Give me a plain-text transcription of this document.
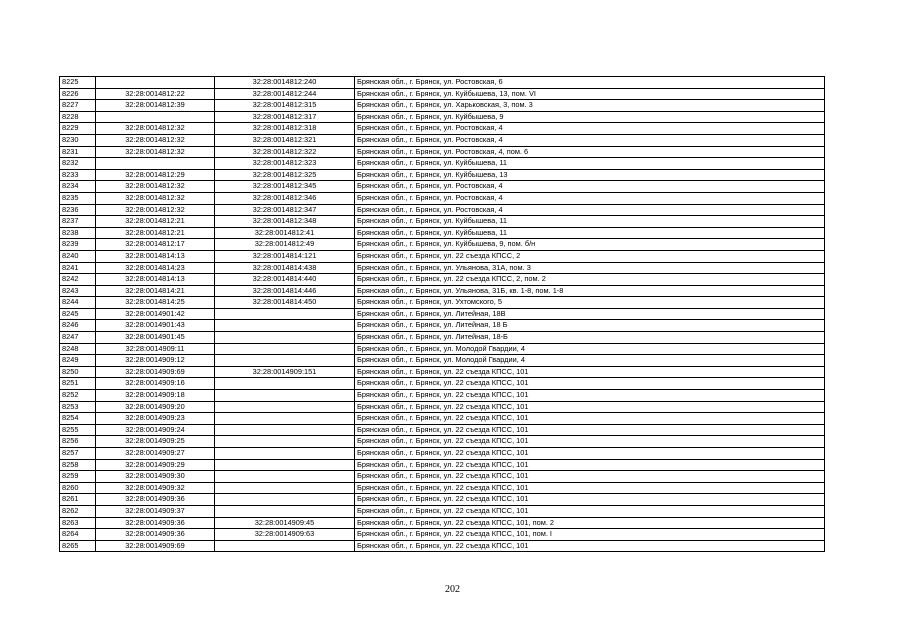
8225		32:28:0014812:240	Брянская обл., г. Брянск, ул. Ростовская, 6
8226	32:28:0014812:22	32:28:0014812:244	Брянская обл., г. Брянск, ул. Куйбышева, 13, пом. VI
8227	32:28:0014812:39	32:28:0014812:315	Брянская обл., г. Брянск, ул. Харьковская, 3, пом. 3
8228		32:28:0014812:317	Брянская обл., г. Брянск, ул. Куйбышева, 9
8229	32:28:0014812:32	32:28:0014812:318	Брянская обл., г. Брянск, ул. Ростовская, 4
8230	32:28:0014812:32	32:28:0014812:321	Брянская обл., г. Брянск, ул. Ростовская, 4
8231	32:28:0014812:32	32:28:0014812:322	Брянская обл., г. Брянск, ул. Ростовская, 4, пом. 6
8232		32:28:0014812:323	Брянская обл., г. Брянск, ул. Куйбышева, 11
8233	32:28:0014812:29	32:28:0014812:325	Брянская обл., г. Брянск, ул. Куйбышева, 13
8234	32:28:0014812:32	32:28:0014812:345	Брянская обл., г. Брянск, ул. Ростовская, 4
8235	32:28:0014812:32	32:28:0014812:346	Брянская обл., г. Брянск, ул. Ростовская, 4
8236	32:28:0014812:32	32:28:0014812:347	Брянская обл., г. Брянск, ул. Ростовская, 4
8237	32:28:0014812:21	32:28:0014812:348	Брянская обл., г. Брянск, ул. Куйбышева, 11
8238	32:28:0014812:21	32:28:0014812:41	Брянская обл., г. Брянск, ул. Куйбышева, 11
8239	32:28:0014812:17	32:28:0014812:49	Брянская обл., г. Брянск, ул. Куйбышева, 9, пом. б/н
8240	32:28:0014814:13	32:28:0014814:121	Брянская обл., г. Брянск, ул. 22 съезда КПСС, 2
8241	32:28:0014814:23	32:28:0014814:438	Брянская обл., г. Брянск, ул. Ульянова, 31А, пом. 3
8242	32:28:0014814:13	32:28:0014814:440	Брянская обл., г. Брянск, ул. 22 съезда КПСС, 2, пом. 2
8243	32:28:0014814:21	32:28:0014814:446	Брянская обл., г. Брянск, ул. Ульянова, 31Б, кв. 1-8, пом. 1-8
8244	32:28:0014814:25	32:28:0014814:450	Брянская обл., г. Брянск, ул. Ухтомского, 5
8245	32:28:0014901:42		Брянская обл., г. Брянск, ул. Литейная, 18В
8246	32:28:0014901:43		Брянская обл., г. Брянск, ул. Литейная, 18 Б
8247	32:28:0014901:45		Брянская обл., г. Брянск, ул. Литейная, 18-Б
8248	32:28:0014909:11		Брянская обл., г. Брянск, ул. Молодой Гвардии, 4
8249	32:28:0014909:12		Брянская обл., г. Брянск, ул. Молодой Гвардии, 4
8250	32:28:0014909:69	32:28:0014909:151	Брянская обл., г. Брянск, ул. 22 съезда КПСС, 101
8251	32:28:0014909:16		Брянская обл., г. Брянск, ул. 22 съезда КПСС, 101
8252	32:28:0014909:18		Брянская обл., г. Брянск, ул. 22 съезда КПСС, 101
8253	32:28:0014909:20		Брянская обл., г. Брянск, ул. 22 съезда КПСС, 101
8254	32:28:0014909:23		Брянская обл., г. Брянск, ул. 22 съезда КПСС, 101
8255	32:28:0014909:24		Брянская обл., г. Брянск, ул. 22 съезда КПСС, 101
8256	32:28:0014909:25		Брянская обл., г. Брянск, ул. 22 съезда КПСС, 101
8257	32:28:0014909:27		Брянская обл., г. Брянск, ул. 22 съезда КПСС, 101
8258	32:28:0014909:29		Брянская обл., г. Брянск, ул. 22 съезда КПСС, 101
8259	32:28:0014909:30		Брянская обл., г. Брянск, ул. 22 съезда КПСС, 101
8260	32:28:0014909:32		Брянская обл., г. Брянск, ул. 22 съезда КПСС, 101
8261	32:28:0014909:36		Брянская обл., г. Брянск, ул. 22 съезда КПСС, 101
8262	32:28:0014909:37		Брянская обл., г. Брянск, ул. 22 съезда КПСС, 101
8263	32:28:0014909:36	32:28:0014909:45	Брянская обл., г. Брянск, ул. 22 съезда КПСС, 101, пом. 2
8264	32:28:0014909:36	32:28:0014909:63	Брянская обл., г. Брянск, ул. 22 съезда КПСС, 101, пом. I
8265	32:28:0014909:69		Брянская обл., г. Брянск, ул. 22 съезда КПСС, 101
202
